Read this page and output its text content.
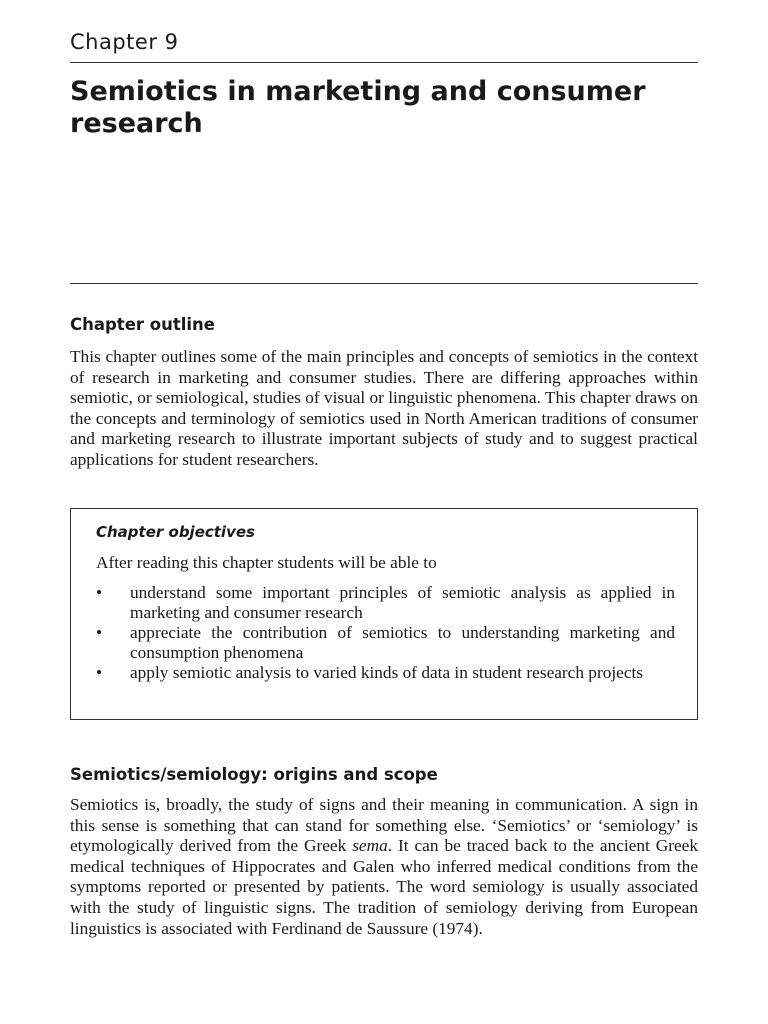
Chapter 9
Semiotics in marketing and consumer research
Chapter outline

This chapter outlines some of the main principles and concepts of semiotics in the context of research in marketing and consumer studies. There are differing approaches within semiotic, or semiological, studies of visual or linguistic phenomena. This chapter draws on the concepts and terminology of semiotics used in North American traditions of consumer and marketing research to illustrate important subjects of study and to suggest practical applications for student researchers.

Chapter objectives
After reading this chapter students will be able to
•	understand some important principles of semiotic analysis as applied in marketing and consumer research
•	appreciate the contribution of semiotics to understanding marketing and consumption phenomena
•	apply semiotic analysis to varied kinds of data in student research projects
Semiotics/semiology: origins and scope

Semiotics is, broadly, the study of signs and their meaning in communication. A sign in this sense is something that can stand for something else. ‘Semiotics’ or ‘semiology’ is etymologically derived from the Greek sema. It can be traced back to the ancient Greek medical techniques of Hippocrates and Galen who inferred medical conditions from the symptoms reported or presented by patients. The word semiology is usually associated with the study of linguistic signs. The tradition of semiology deriving from European linguistics is associated with Ferdinand de Saussure (1974).
